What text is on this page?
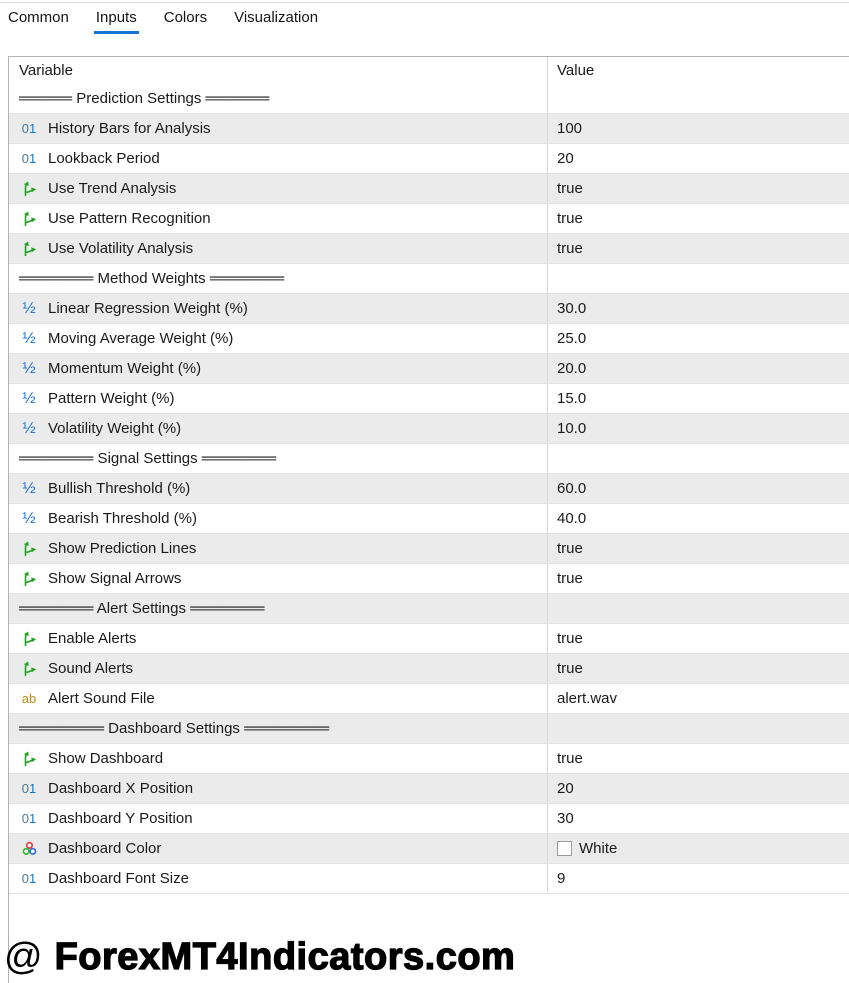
Common Inputs Colors Visualization
Variable	Value
═════ Prediction Settings ══════
01 History Bars for Analysis	100
01 Lookback Period	20
Use Trend Analysis	true
Use Pattern Recognition	true
Use Volatility Analysis	true
═══════ Method Weights ═══════
½ Linear Regression Weight (%)	30.0
½ Moving Average Weight (%)	25.0
½ Momentum Weight (%)	20.0
½ Pattern Weight (%)	15.0
½ Volatility Weight (%)	10.0
═══════ Signal Settings ═══════
½ Bullish Threshold (%)	60.0
½ Bearish Threshold (%)	40.0
Show Prediction Lines	true
Show Signal Arrows	true
═══════ Alert Settings ═══════
Enable Alerts	true
Sound Alerts	true
ab Alert Sound File	alert.wav
════════ Dashboard Settings ════════
Show Dashboard	true
01 Dashboard X Position	20
01 Dashboard Y Position	30
Dashboard Color	White
01 Dashboard Font Size	9
@ ForexMT4Indicators.com
